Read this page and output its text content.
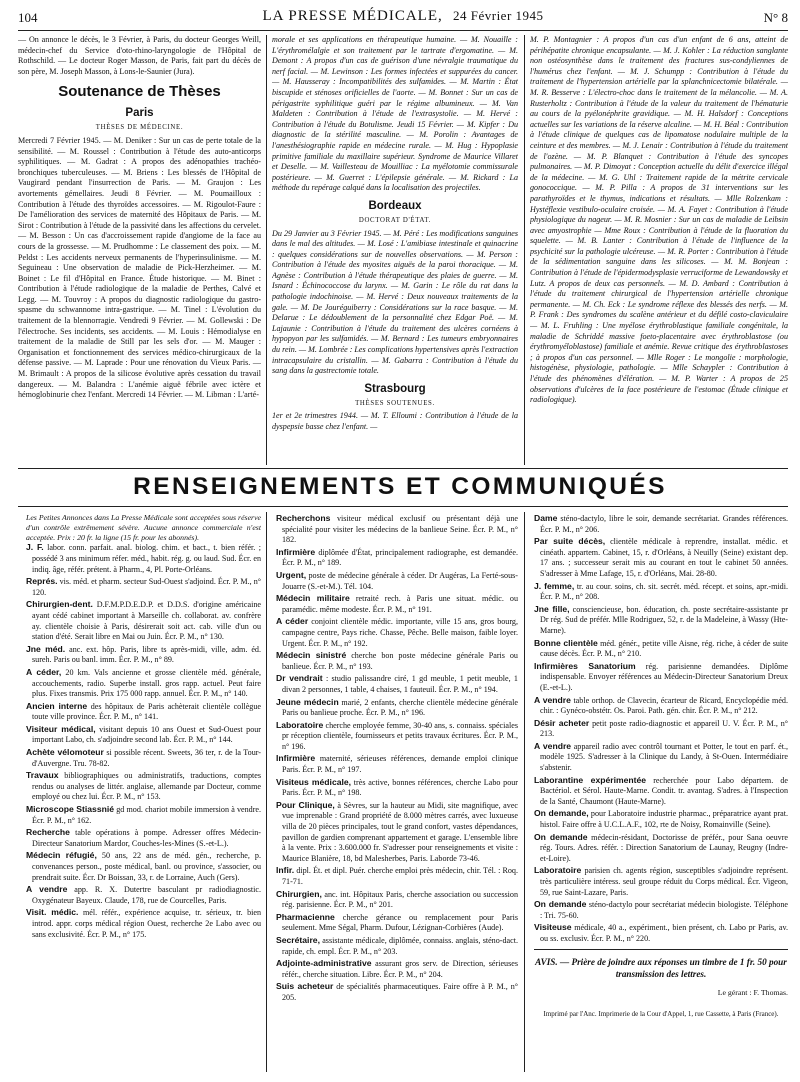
104	LA PRESSE MÉDICALE, 24 Février 1945	N° 8

— On annonce le décès, le 3 Février, à Paris, du docteur Georges Weill, médecin-chef du Service d'oto-rhino-laryngologie de l'Hôpital de Rothschild. — Le docteur Roger Masson, de Paris, fait part du décès de son père, M. Joseph Masson, à Lons-le-Saunier (Jura).

Soutenance de Thèses
Paris
THÈSES DE MÉDECINE.

Mercredi 7 Février 1945. — M. Deniker : Sur un cas de perte totale de la sensibilité. — M. Roussel : Contribution à l'étude des auto-anticorps syphilitiques. — M. Gadrat : A propos des adénopathies trachéo-bronchiques tuberculeuses. — M. Briens : Les blessés de l'Hôpital de Vaugirard pendant l'insurrection de Paris. — M. Graujon : Les avortements gémellaires. Jeudi 8 Février. — M. Poumailloux : Contribution à l'étude des thyroïdes accessoires. — M. Rigoulot-Faure : De l'amélioration des services de maternité des Hôpitaux de Paris. — M. Sirot : Contribution à l'étude de la passivité dans les affections du cervelet. — M. Besson : Un cas d'accroissement rapide d'angiome de la face au cours de la grossesse. — M. Prudhomme : Le classement des poix. — M. Peldst : Les accidents nerveux permanents de l'hyperinsulinisme. — M. Seguineau : Une observation de maladie de Pick-Herzheimer. — M. Boinet : Le fil d'Hôpital en France. Étude historique. — M. Binet : Contribution à l'étude radiologique de la maladie de Perthes, Calvé et Legg. — M. Touvroy : A propos du diagnostic radiologique du gastro-spasme du schwannome intra-gastrique. — M. Tinel : L'évolution du traitement de la blennorragie. Vendredi 9 Février. — M. Gollewski : De l'électroche. Ses incidents, ses accidents. — M. Louis : Hémodialyse en traitement de la maladie de Still par les sels d'or. — M. Mauger : Organisation et fonctionnement des services médico-chirurgicaux de la défense passive. — M. Laprade : Pour une rénovation du Vieux Paris. — M. Brimault : A propos de la silicose évolutive après cessation du travail dangereux. — M. Balandra : L'anémie aiguë fébrile avec ictère et hémoglobinurie chez l'enfant. Mercredi 14 Février. — M. Libman : L'arté-

morale et ses applications en thérapeutique humaine. — M. Nouaille : L'érythromélalgie et son traitement par le tartrate d'ergomatine. — M. Demont : A propos d'un cas de guérison d'une névralgie traumatique du nerf facial. — M. Lewinson : Les formes infectées et suppurées du cancer. — M. Hausseray : Incompatibilités des sulfamides. — M. Martin : État biscupide et sténoses orificielles de l'aorte. — M. Bonnet : Sur un cas de périgastrite syphilitique guéri par le régime albumineux. — M. Van Maldeten : Contribution à l'étude de l'extrasystolie. — M. Hervé : Contribution à l'étude du Botulisme. Jeudi 15 Février. — M. Kipfer : Du diagnostic de la stérilité masculine. — M. Porolin : Avantages de l'anesthésiographie rapide en médecine rurale. — M. Hug : Hypoplasie primitive familiale du maxillaire supérieur. Syndrome de Maurice Villaret et Deselle. — M. Vaillesteau de Mouilliac : La myélotomie commissurale postérieure. — M. Guerret : L'épilepsie générale. — M. Rickard : La méthode du repérage calqué dans la localisation des projectiles.

Bordeaux
DOCTORAT D'ÉTAT.

Du 29 Janvier au 3 Février 1945. — M. Péré : Les modifications sanguines dans le mal des altitudes. — M. Losé : L'amibiase intestinale et quinacrine : quelques considérations sur de nouvelles observations. — M. Person : Contribution à l'étude des myosites aiguës de la paroi thoracique. — M. Agnèse : Contribution à l'étude thérapeutique des plaies de guerre. — M. Isnard : Échinococcose du larynx. — M. Garin : Le rôle du rat dans la pathologie indochinoise. — M. Hervé : Deux nouveaux traitements de la gale. — M. De Jouréguiberry : Considérations sur la race basque. — M. Delarue : Le dédoublement de la personnalité chez Edgar Poë. — M. Lajaunie : Contribution à l'étude du traitement des ulcères cornéens à hypopyon par les sulfamidés. — M. Bernard : Les tumeurs embryonnaires du rein. — M. Lombrée : Les complications hypertensives après l'extraction intracapsulaire du cristallin. — M. Gabarra : Contribution à l'étude du sang dans la gastrectomie totale.

Strasbourg
THÈSES SOUTENUES.

1er et 2e trimestres 1944. — M. T. Elloumi : Contribution à l'étude de la dyspepsie basse chez l'enfant. —

M. P. Montagnier : A propos d'un cas d'un enfant de 6 ans, atteint de périhépatite chronique encapsulante. — M. J. Kohler : La réduction sanglante non ostéosynthèse dans le traitement des fractures sus-condyliennes de l'humérus chez l'enfant. — M. J. Schumpp : Contribution à l'étude du traitement de l'hypertension artérielle par la splanchnicectomie bilatérale. — M. R. Besserve : L'électro-choc dans le traitement de la mélancolie. — M. A. Rusterholtz : Contribution à l'étude de la valeur du traitement de l'hématurie au cours de la pyélonéphrite gravidique. — M. H. Halsdorf : Conceptions actuelles sur les variations de la réserve alcaline. — M. H. Béal : Contribution à l'étude clinique de quelques cas de lipomatose nodulaire multiple de la ceinture et des membres. — M. J. Lenair : Contribution à l'étude du traitement de l'ozène. — M. P. Blanquet : Contribution à l'étude des syncopes pulmonaires. — M. P. Dimoyat : Conception actuelle du délit d'exercice illégal de la médecine. — M. G. Uhl : Traitement rapide de la métrite cervicale gonococcique. — M. P. Pilla : A propos de 31 interventions sur les parathyroïdes et le thymus, indications et résultats. — Mlle Rolzenkam : Hystéflexie vestibulo-oculaire croisée. — M. A. Fayet : Contribution à l'étude physiologique du nageur. — M. R. Mosnier : Sur un cas de maladie de Leibsin avec amyostrophie — Mme Roux : Contribution à l'étude de la fluoration du squelette. — M. B. Lanter : Contribution à l'étude de l'influence de la psychicité sur la pathologie ulcéreuse. — M. R. Porter : Contribution à l'étude de la sédimentation sanguine dans les silicoses. — M. M. Bonjean : Contribution à l'étude de l'épidermodysplasie verruciforme de Lewandowsky et Lutz. A propos de deux cas personnels. — M. D. Ambard : Contribution à l'étude du traitement chirurgical de l'hypertension artérielle chronique permanente. — M. Ch. Eck : Le syndrome réflexe des blessés des nerfs. — M. P. Frank : Des syndromes du scalène antérieur et du défilé costo-claviculaire — M. L. Fruhling : Une myélose érythroblastique familiale congénitale, la maladie de Schriddé massive foeto-placentaire avec érythroblastose (ou érythromyéloblastose) familiale et anémie. Revue critique des érythroblastoses ; à propos d'un cas personnel. — Mlle Roger : Le mongolie : morphologie, histogénèse, physiologie, pathologie. — Mlle Schaypler : Contribution à l'étude des phénomènes d'élération. — M. P. Warter : A propos de 25 observations d'ulcères de la face postérieure de l'estomac (Étude clinique et radiologique).

RENSEIGNEMENTS ET COMMUNIQUÉS

Les Petites Annonces dans La Presse Médicale sont acceptées sous réserve d'un contrôle extrêmement sévère. Aucune annonce commerciale n'est acceptée. Prix : 20 fr. la ligne (15 fr. pour les abonnés).

J. F. labor. conn. parfait. anal. biolog. chim. et bact., t. bien référ. ; possédé 3 ans minimum réfer. méd., habit. rég. g. ou laud. Sud. Écr. en indiq. âge, référ. prétent. à Pharm., 4, Pl. Porte-Orléans.

Représ. vis. méd. et pharm. secteur Sud-Ouest s'adjoind. Écr. P. M., n° 120.

Chirurgien-dent. D.F.M.P.D.E.D.P. et D.D.S. d'origine américaine ayant cédé cabinet important à Marseille ch. collaborat. av. confrère ay. clientèle choisie à Paris, désirerait soit act. cab. ville d'un ou station d'été. Serait libre en Mai ou Juin. Écr. P. M., n° 130.

Jne méd. anc. ext. hôp. Paris, libre ts après-midi, ville, adm. éd. sureh. Paris ou banl. imm. Écr. P. M., n° 89.

A céder, 20 km. Vals ancienne et grosse clientèle méd. générale, accouchements, radio. Superbe install. gros rapp. actuel. Peut faire plus. Fixes transmis. Prix 175 000 rapp. annuel. Écr. P. M., n° 140.

Ancien interne des hôpitaux de Paris achèterait clientèle collègue toute ville province. Écr. P. M., n° 141.

Visiteur médical, visitant depuis 10 ans Ouest et Sud-Ouest pour important Labo, ch. s'adjoindre second lab. Écr. P. M., n° 144.

Achète vélomoteur si possible récent. Sweets, 36 ter, r. de la Tour-d'Auvergne. Tru. 78-82.

Travaux bibliographiques ou administratifs, traductions, comptes rendus ou analyses de littér. anglaise, allemande par Docteur, comme employé ou chez lui. Écr. P. M., n° 153.

Microscope Stiassnié gd mod. chariot mobile immersion à vendre. Écr. P. M., n° 162.

Recherche table opérations à pompe. Adresser offres Médecin-Directeur Sanatorium Mardor, Couches-les-Mines (S.-et-L.).

Médecin réfugié, 50 ans, 22 ans de méd. gén., recherche, p. convenances person., poste médical, banl. ou province, s'associer, ou prendrait suite. Écr. Dr Boissan, 33, r. de Lorraine, Auch (Gers).

A vendre app. R. X. Dutertre basculant pr radiodiagnostic. Oxygénateur Bayeux. Claude, 178, rue de Courcelles, Paris.

Visit. médic. mél. référ., expérience acquise, tr. sérieux, tr. bien introd. appr. corps médical région Ouest, recherche 2e Labo avec ou sans exclusivité. Écr. P. M., n° 175.

Recherchons visiteur médical exclusif ou présentant déjà une spécialité pour visiter les médecins de la banlieue Seine. Écr. P. M., n° 182.

Infirmière diplômée d'État, principalement radiographe, est demandée. Écr. P. M., n° 189.

Urgent, poste de médecine générale à céder. Dr Augéras, La Ferté-sous-Jouarre (S.-et-M.). Tél. 104.

Médecin militaire retraité rech. à Paris une situat. médic. ou paramédic. même modeste. Écr. P. M., n° 191.

A céder conjoint clientèle médic. importante, ville 15 ans, gros bourg, campagne centre, Pays riche. Chasse, Pêche. Belle maison, faible loyer. Urgent. Écr. P. M., n° 192.

Médecin sinistré cherche bon poste médecine générale Paris ou banlieue. Écr. P. M., n° 193.

Dr vendrait : studio palissandre ciré, 1 gd meuble, 1 petit meuble, 1 divan 2 personnes, 1 table, 4 chaises, 1 fauteuil. Écr. P. M., n° 194.

Jeune médecin marié, 2 enfants, cherche clientèle médecine générale Paris ou banlieue proche. Écr. P. M., n° 196.

Laboratoire cherche employée femme, 30-40 ans, s. connaiss. spéciales pr réception clientèle, fournisseurs et petits travaux écritures. Écr. P. M., n° 196.

Infirmière maternité, sérieuses références, demande emploi clinique Paris. Écr. P. M., n° 197.

Visiteus médicale, très active, bonnes références, cherche Labo pour Paris. Écr. P. M., n° 198.

Pour Clinique, à Sèvres, sur la hauteur au Midi, site magnifique, avec vue imprenable : Grand propriété de 8.000 mètres carrés, avec luxueuse villa de 20 pièces principales, tout le grand confort, vastes dépendances, pavillon de gardien comprenant appartement et garage. L'ensemble libre à la vente. Prix : 3.600.000 fr. S'adresser pour renseignements et visite : Maurice Blanière, 18, bd Malesherbes, Paris. Laborde 73-46.

Infir. dipl. Ét. et dipl. Puér. cherche emploi près médecin, chir. Tél. : Roq. 71-71.

Chirurgien, anc. int. Hôpitaux Paris, cherche association ou succession rég. parisienne. Écr. P. M., n° 201.

Pharmacienne cherche gérance ou remplacement pour Paris seulement. Mme Ségal, Pharm. Dufour, Lézignan-Corbières (Aude).

Secrétaire, assistante médicale, diplômée, connaiss. anglais, sténo-dact. rapide, ch. empl. Écr. P. M., n° 203.

Adjointe-administrative assurant gros serv. de Direction, sérieuses référ., cherche situation. Libre. Écr. P. M., n° 204.

Suis acheteur de spécialités pharmaceutiques. Faire offre à P. M., n° 205.

Dame sténo-dactylo, libre le soir, demande secrétariat. Grandes références. Écr. P. M., n° 206.

Par suite décès, clientèle médicale à reprendre, installat. médic. et cinéath. appartem. Cabinet, 15, r. d'Orléans, à Neuilly (Seine) existant dep. 17 ans. ; successeur serait mis au courant en tout le cabinet 50 années. S'adresser à Mme Lafage, 15, r. d'Orléans, Mai. 28-80.

J. femme, tr. au cour. soins, ch. sit. secrét. méd. récept. et soins, apr.-midi. Écr. P. M., n° 208.

Jne fille, consciencieuse, bon. éducation, ch. poste secrétaire-assistante pr Dr rég. Sud de préfér. Mlle Rodriguez, 52, r. de la Madeleine, à Wassy (Hte-Marne).

Bonne clientèle méd. génér., petite ville Aisne, rég. riche, à céder de suite cause décès. Écr. P. M., n° 210.

Infirmières Sanatorium rég. parisienne demandées. Diplôme indispensable. Envoyer références au Médecin-Directeur Sanatorium Dreux (E.-et-L.).

A vendre table orthop. de Clavecin, écarteur de Ricard, Encyclopédie méd. chir. : Gynéco-obstétr. Os. Paroi. Path. gén. chir. Écr. P. M., n° 212.

Désir acheter petit poste radio-diagnostic et appareil U. V. Écr. P. M., n° 213.

A vendre appareil radio avec contrôl tournant et Potter, le tout en parf. ét., modèle 1925. S'adresser à la Clinique du Landy, à St-Ouen. Intermédiaire s'abstenir.

Laborantine expérimentée recherchée pour Labo départem. de Bactériol. et Sérol. Haute-Marne. Condit. tr. avantag. S'adres. à l'Inspection de la Santé, Chaumont (Haute-Marne).

On demande, pour Laboratoire industrie pharmac., préparatrice ayant prat. histol. Faire offre à U.C.L.A.F., 102, rte de Noisy, Romainville (Seine).

On demande médecin-résidant, Doctorisse de préfér., pour Sana oeuvre rég. Tours. Adres. référ. : Direction Sanatorium de Launay, Reugny (Indre-et-Loire).

Laboratoire parisien ch. agents région, susceptibles s'adjoindre représent. très particulière intéress. seul groupe réduit du Corps médical. Écr. Vigeon, 59, rue Saint-Lazare, Paris.

On demande sténo-dactylo pour secrétariat médecin biologiste. Téléphone : Tri. 75-60.

Visiteuse médicale, 40 a., expériment., bien présent, ch. Labo pr Paris, av. ou ss. exclusiv. Écr. P. M., n° 220.

AVIS. — Prière de joindre aux réponses un timbre de 1 fr. 50 pour transmission des lettres.
Le gérant : F. Thomas.
Imprimé par l'Anc. Imprimerie de la Cour d'Appel, 1, rue Cassette, à Paris (France).
